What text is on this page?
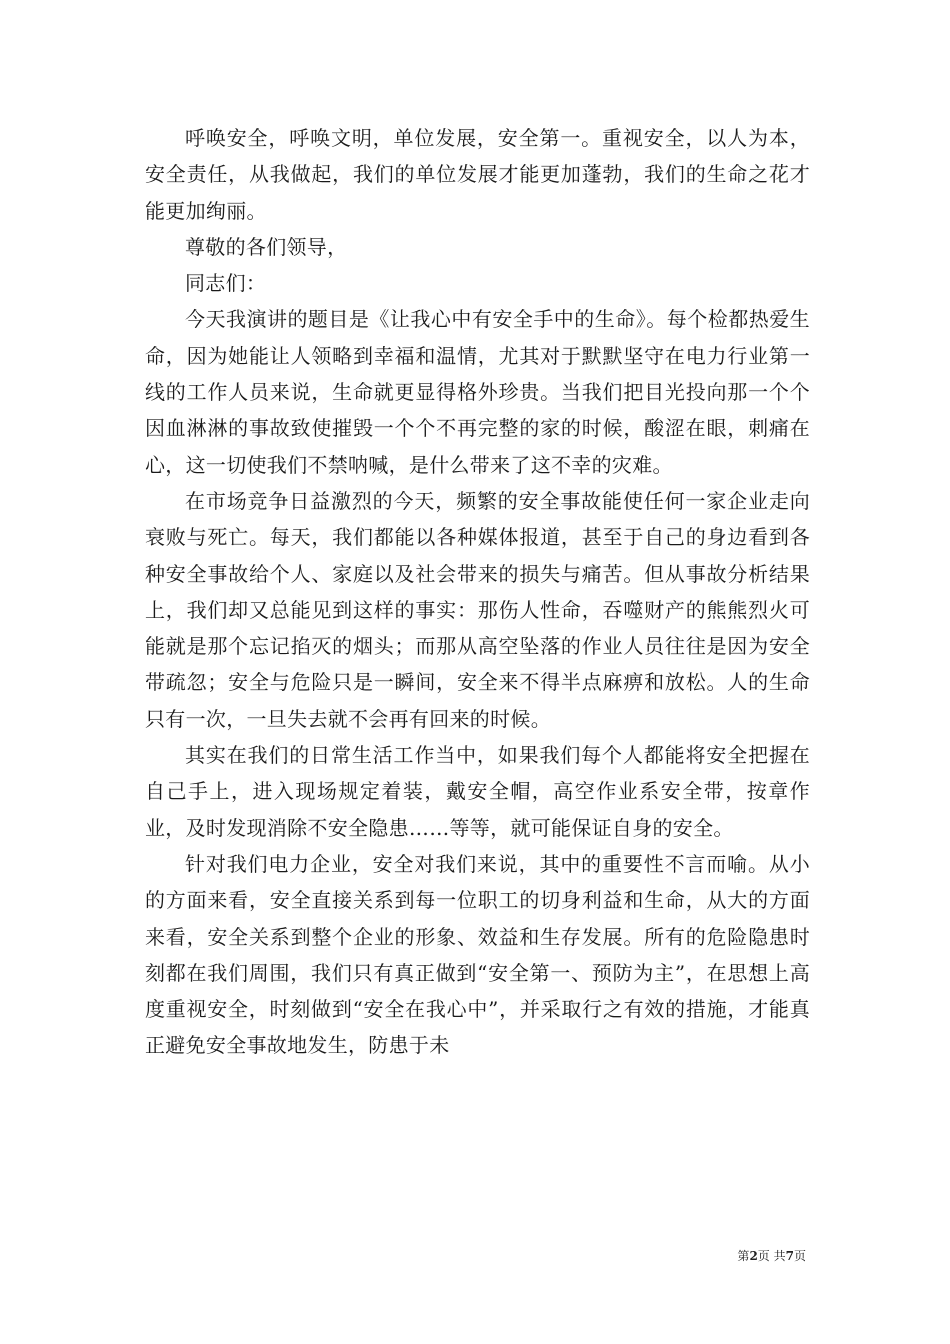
呼唤安全，呼唤文明，单位发展，安全第一。重视安全，以人为本，安全责任，从我做起，我们的单位发展才能更加蓬勃，我们的生命之花才能更加绚丽。

尊敬的各们领导，

同志们：

今天我演讲的题目是《让我心中有安全手中的生命》。每个检都热爱生命，因为她能让人领略到幸福和温情，尤其对于默默坚守在电力行业第一线的工作人员来说，生命就更显得格外珍贵。当我们把目光投向那一个个因血淋淋的事故致使摧毁一个个不再完整的家的时候，酸涩在眼，刺痛在心，这一切使我们不禁呐喊，是什么带来了这不幸的灾难。

在市场竞争日益激烈的今天，频繁的安全事故能使任何一家企业走向衰败与死亡。每天，我们都能以各种媒体报道，甚至于自己的身边看到各种安全事故给个人、家庭以及社会带来的损失与痛苦。但从事故分析结果上，我们却又总能见到这样的事实：那伤人性命，吞噬财产的熊熊烈火可能就是那个忘记掐灭的烟头；而那从高空坠落的作业人员往往是因为安全带疏忽；安全与危险只是一瞬间，安全来不得半点麻痹和放松。人的生命只有一次，一旦失去就不会再有回来的时候。

其实在我们的日常生活工作当中，如果我们每个人都能将安全把握在自己手上，进入现场规定着装，戴安全帽，高空作业系安全带，按章作业，及时发现消除不安全隐患……等等，就可能保证自身的安全。

针对我们电力企业，安全对我们来说，其中的重要性不言而喻。从小的方面来看，安全直接关系到每一位职工的切身利益和生命，从大的方面来看，安全关系到整个企业的形象、效益和生存发展。所有的危险隐患时刻都在我们周围，我们只有真正做到“安全第一、预防为主”，在思想上高度重视安全，时刻做到“安全在我心中”，并采取行之有效的措施，才能真正避免安全事故地发生，防患于未

第2页 共7页
